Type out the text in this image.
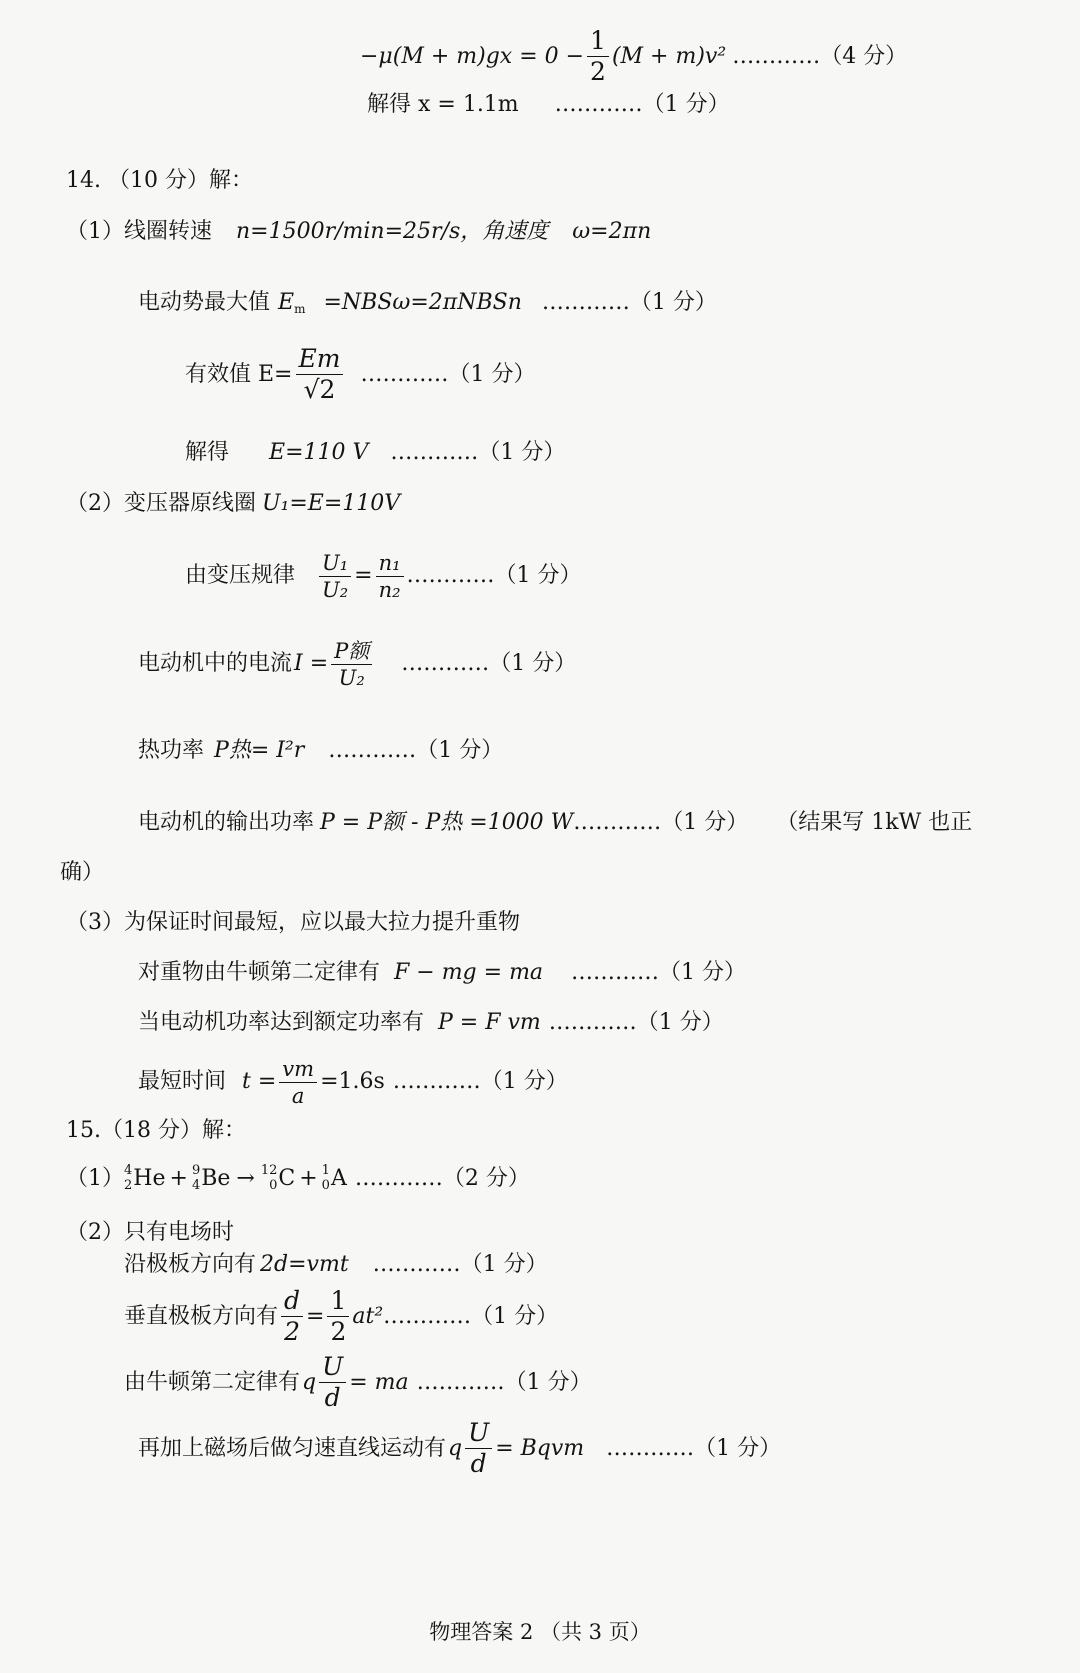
$-\mu(M + m)gx = 0 - \frac{1}{2} (M + m)v^2$ …………（4 分）
解得 x = 1.1m …………（1 分）
14. （10 分）解：
（1）线圈转速 n=1500r/min=25r/s，角速度 ω=2πn
电动势最大值 $E_m$ =NBSω=2πNBSn …………（1 分）
有效值 $E= \frac{Em}{√2}$ …………（1 分）
解得 E=110 V …………（1 分）
（2）变压器原线圈 U₁=E=110V
由变压规律 $\frac{\text{U₁}}{\text{U₂}} = \frac{\text{n₁}}{\text{n₂}}$ …………（1 分）
电动机中的电流 $I = \frac{\text{P额}}{\text{U₂}}$ …………（1 分）
热功率 P热= I²r …………（1 分）
电动机的输出功率 P = P额 - P热 =1000 W …………（1 分） （结果写 1kW 也正
确）
（3）为保证时间最短，应以最大拉力提升重物
对重物由牛顿第二定律有 F − mg = ma …………（1 分）
当电动机功率达到额定功率有 P = F vm …………（1 分）
最短时间 $t = \frac{vm}{a} =1.6s$ …………（1 分）
15.（18 分）解：
（1） 4
2 He + 9
4 Be → 12
0 C + 1
0 A …………（2 分）
（2）只有电场时
沿极板方向有 2d=vmt …………（1 分）
垂直极板方向有 $\frac{d}{2} = \frac{1}{2} at^2$ …………（1 分）
由牛顿第二定律有 q $\frac{U}{d}$ = ma …………（1 分）
再加上磁场后做匀速直线运动有 q $\frac{U}{d}$ = Bqvm …………（1 分）
物理答案 2 （共 3 页）
